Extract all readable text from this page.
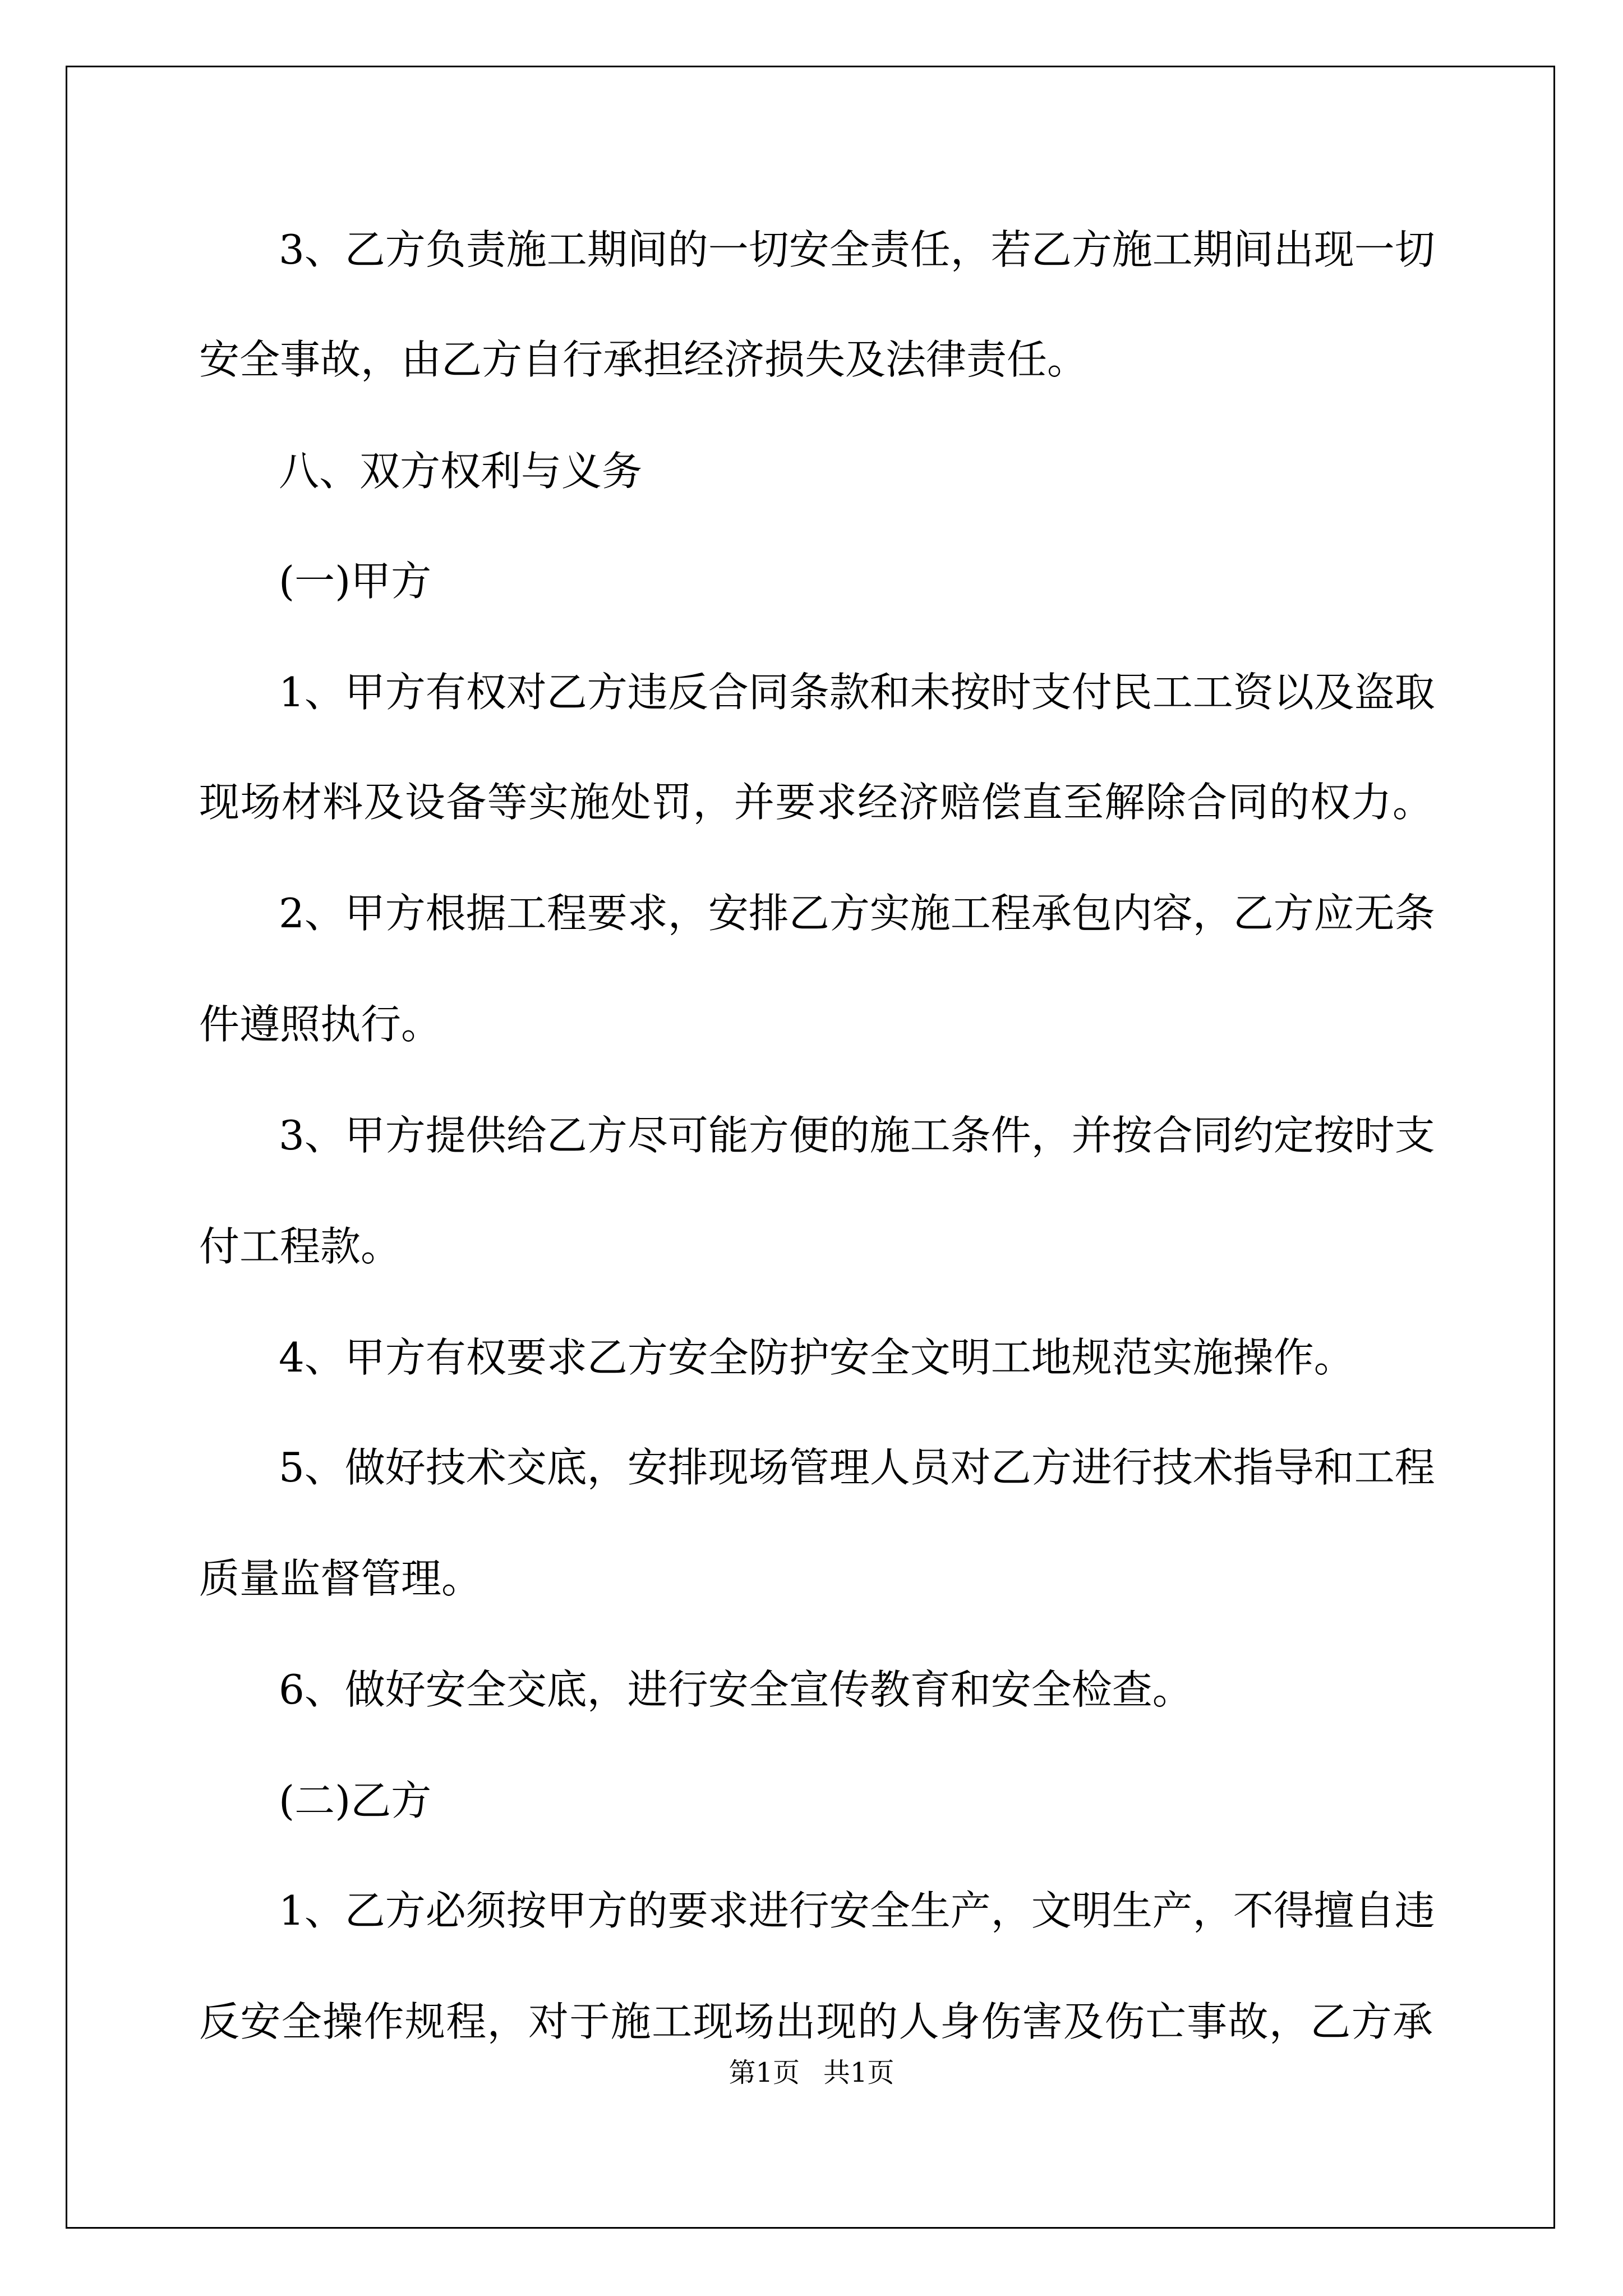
3、乙方负责施工期间的一切安全责任，若乙方施工期间出现一切

安全事故，由乙方自行承担经济损失及法律责任。

八、双方权利与义务

(一)甲方

1、甲方有权对乙方违反合同条款和未按时支付民工工资以及盗取

现场材料及设备等实施处罚，并要求经济赔偿直至解除合同的权力。

2、甲方根据工程要求，安排乙方实施工程承包内容，乙方应无条

件遵照执行。

3、甲方提供给乙方尽可能方便的施工条件，并按合同约定按时支

付工程款。

4、甲方有权要求乙方安全防护安全文明工地规范实施操作。

5、做好技术交底，安排现场管理人员对乙方进行技术指导和工程

质量监督管理。

6、做好安全交底，进行安全宣传教育和安全检查。

(二)乙方

1、乙方必须按甲方的要求进行安全生产，文明生产，不得擅自违

反安全操作规程，对于施工现场出现的人身伤害及伤亡事故，乙方承

第1页 共1页
